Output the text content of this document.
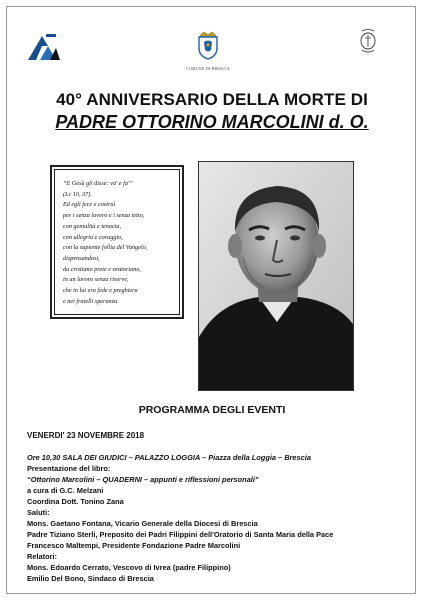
COMUNE DI BRESCIA
40° ANNIVERSARIO DELLA MORTE DI
PADRE OTTORINO MARCOLINI d. O.
“E Gesù gli disse: va' e fa'”
(Lc 10, 37).
Ed egli fece e costruì
per i senza lavoro e i senza tetto,
con genialità e tenacia,
con allegria e coraggio,
con la sapiente follia del Vangelo,
dispensandosi,
da cristiano prete e oratoriano,
in un lavoro senza riserve,
che in lui era fede e preghiera
e nei fratelli speranza.
PROGRAMMA DEGLI EVENTI
VENERDI' 23 NOVEMBRE 2018
Ore 10,30 SALA DEI GIUDICI – PALAZZO LOGGIA – Piazza della Loggia – Brescia
Presentazione del libro:
“Ottorino Marcolini – QUADERNI – appunti e riflessioni personali”
a cura di G.C. Melzani
Coordina Dott. Tonino Zana
Saluti:
Mons. Gaetano Fontana, Vicario Generale della Diocesi di Brescia
Padre Tiziano Sterli, Preposito dei Padri Filippini dell'Oratorio di Santa Maria della Pace
Francesco Maltempi, Presidente Fondazione Padre Marcolini
Relatori:
Mons. Edoardo Cerrato, Vescovo di Ivrea (padre Filippino)
Emilio Del Bono, Sindaco di Brescia
